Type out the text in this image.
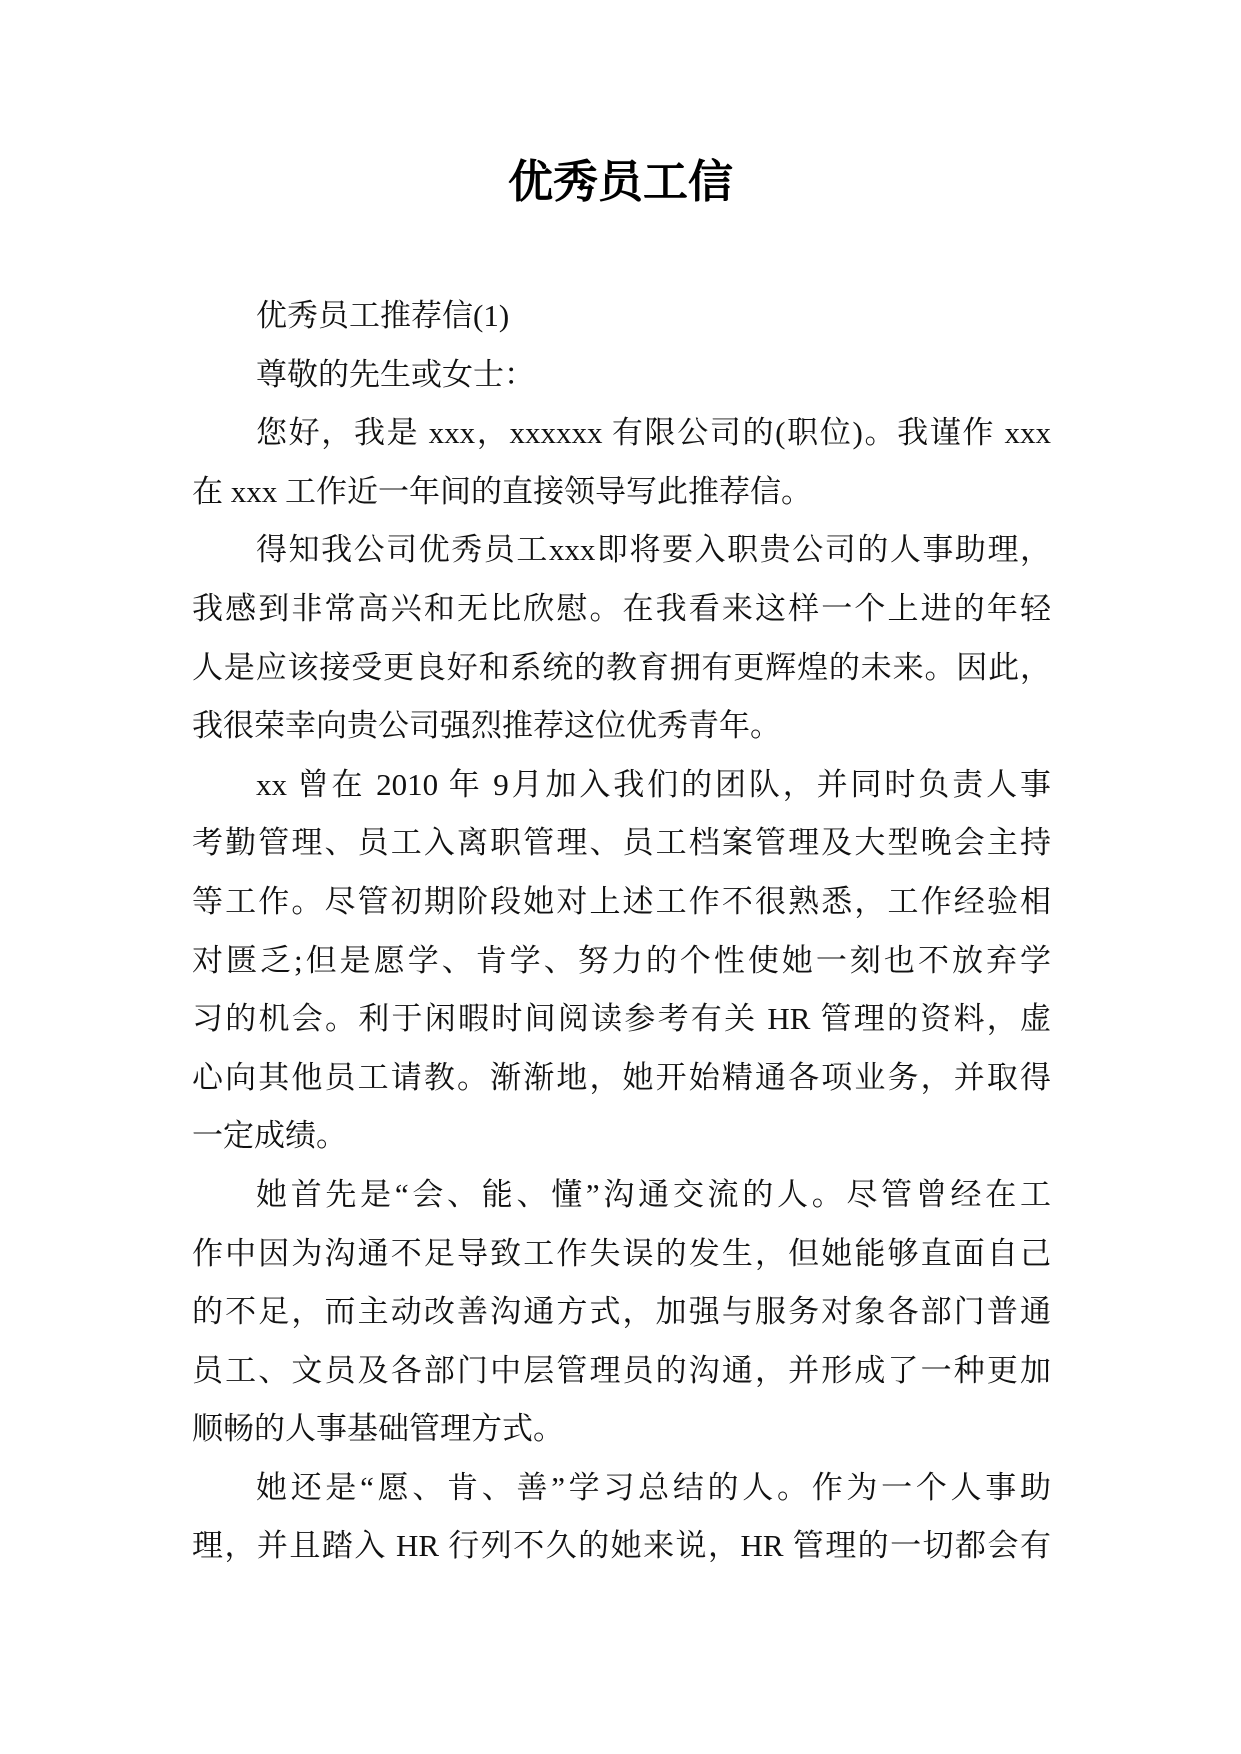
优秀员工信
优秀员工推荐信(1)
尊敬的先生或女士：
您好，我是 xxx，xxxxxx 有限公司的(职位)。我谨作 xxx
在 xxx 工作近一年间的直接领导写此推荐信。
得知我公司优秀员工xxx即将要入职贵公司的人事助理，
我感到非常高兴和无比欣慰。在我看来这样一个上进的年轻
人是应该接受更良好和系统的教育拥有更辉煌的未来。因此，
我很荣幸向贵公司强烈推荐这位优秀青年。
xx 曾在 2010 年 9月加入我们的团队，并同时负责人事
考勤管理、员工入离职管理、员工档案管理及大型晚会主持
等工作。尽管初期阶段她对上述工作不很熟悉，工作经验相
对匮乏;但是愿学、肯学、努力的个性使她一刻也不放弃学
习的机会。利于闲暇时间阅读参考有关 HR 管理的资料，虚
心向其他员工请教。渐渐地，她开始精通各项业务，并取得
一定成绩。
她首先是“会、能、懂”沟通交流的人。尽管曾经在工
作中因为沟通不足导致工作失误的发生，但她能够直面自己
的不足，而主动改善沟通方式，加强与服务对象各部门普通
员工、文员及各部门中层管理员的沟通，并形成了一种更加
顺畅的人事基础管理方式。
她还是“愿、肯、善”学习总结的人。作为一个人事助
理，并且踏入 HR 行列不久的她来说，HR 管理的一切都会有
